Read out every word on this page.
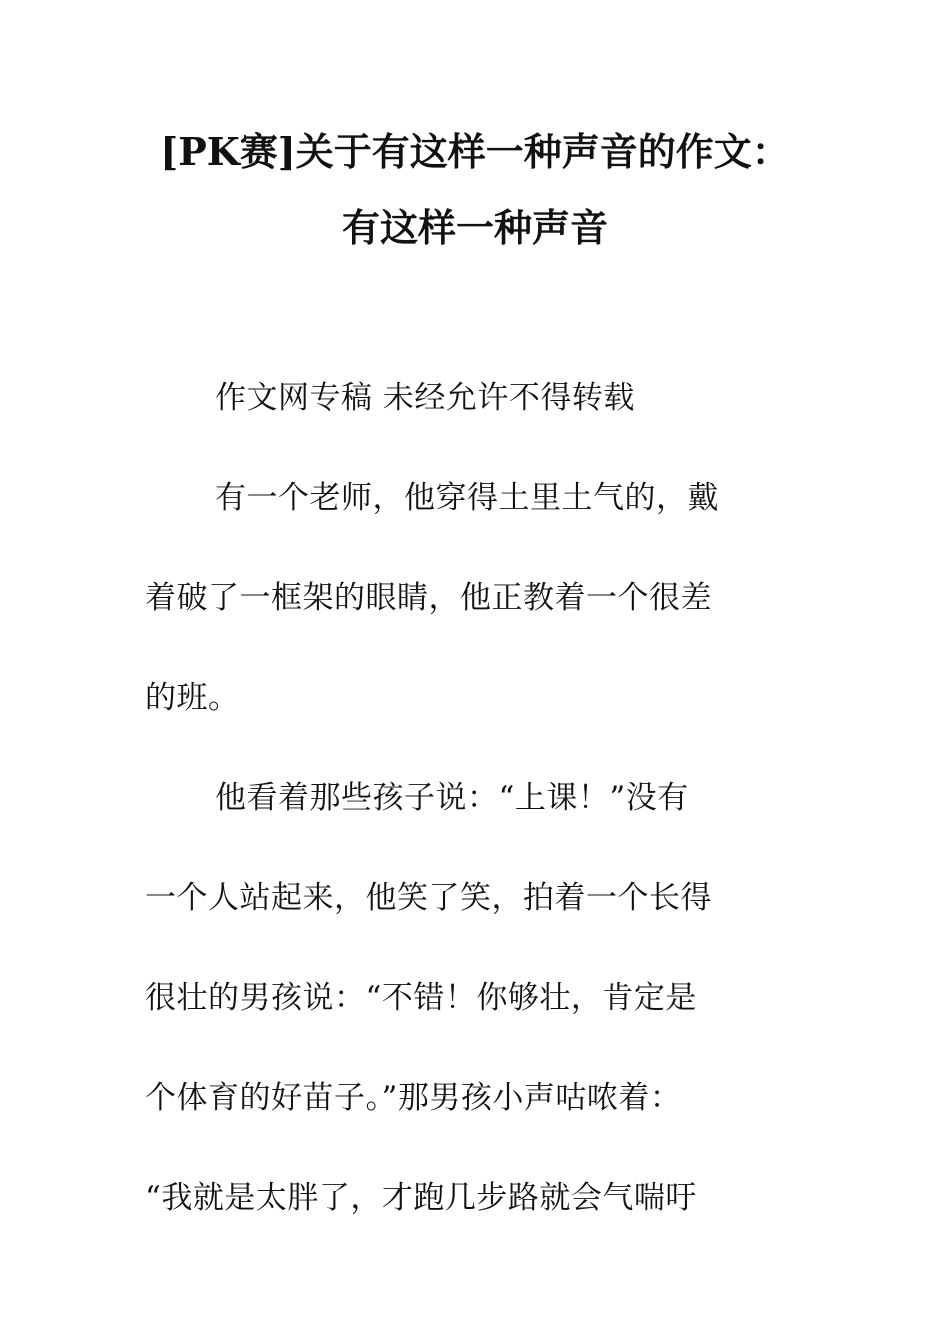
[PK赛]关于有这样一种声音的作文：
有这样一种声音
作文网专稿 未经允许不得转载
有一个老师，他穿得土里土气的，戴
着破了一框架的眼睛，他正教着一个很差
的班。
他看着那些孩子说：“上课！”没有
一个人站起来，他笑了笑，拍着一个长得
很壮的男孩说：“不错！你够壮，肯定是
个体育的好苗子。”那男孩小声咕哝着：
“我就是太胖了，才跑几步路就会气喘吁
